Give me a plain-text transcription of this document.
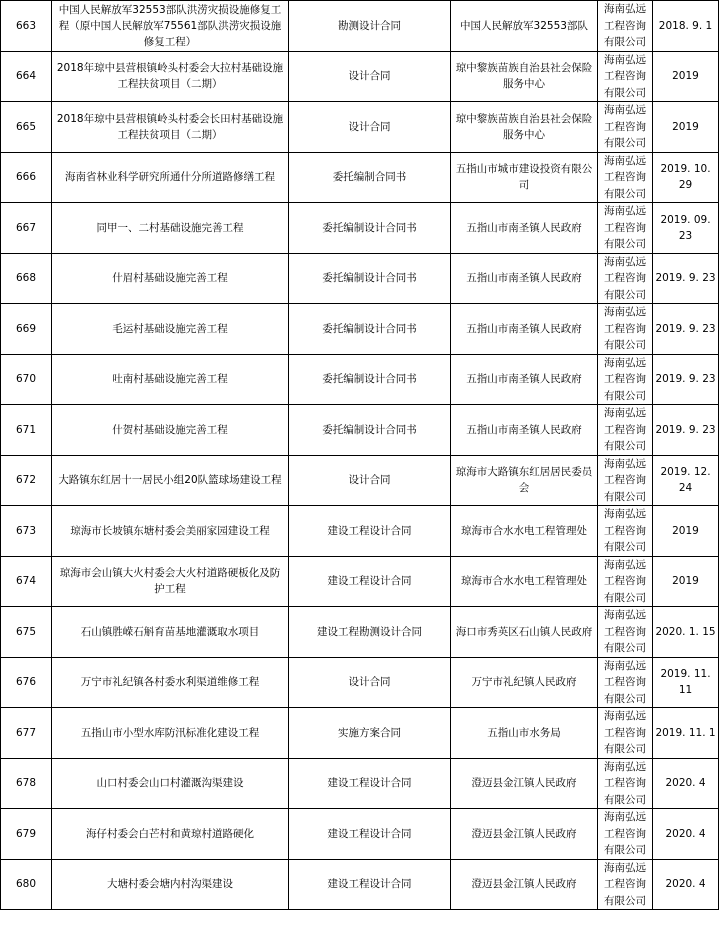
663	中国人民解放军32553部队洪涝灾损设施修复工程（原中国人民解放军75561部队洪涝灾损设施修复工程）	勘测设计合同	中国人民解放军32553部队	海南弘远工程咨询有限公司	2018. 9. 1
664	2018年琼中县营根镇岭头村委会大拉村基础设施工程扶贫项目（二期）	设计合同	琼中黎族苗族自治县社会保险服务中心	海南弘远工程咨询有限公司	2019
665	2018年琼中县营根镇岭头村委会长田村基础设施工程扶贫项目（二期）	设计合同	琼中黎族苗族自治县社会保险服务中心	海南弘远工程咨询有限公司	2019
666	海南省林业科学研究所通什分所道路修缮工程	委托编制合同书	五指山市城市建设投资有限公司	海南弘远工程咨询有限公司	2019. 10. 29
667	同甲一、二村基础设施完善工程	委托编制设计合同书	五指山市南圣镇人民政府	海南弘远工程咨询有限公司	2019. 09. 23
668	什眉村基础设施完善工程	委托编制设计合同书	五指山市南圣镇人民政府	海南弘远工程咨询有限公司	2019. 9. 23
669	毛运村基础设施完善工程	委托编制设计合同书	五指山市南圣镇人民政府	海南弘远工程咨询有限公司	2019. 9. 23
670	吐南村基础设施完善工程	委托编制设计合同书	五指山市南圣镇人民政府	海南弘远工程咨询有限公司	2019. 9. 23
671	什贺村基础设施完善工程	委托编制设计合同书	五指山市南圣镇人民政府	海南弘远工程咨询有限公司	2019. 9. 23
672	大路镇东红居十一居民小组20队篮球场建设工程	设计合同	琼海市大路镇东红居居民委员会	海南弘远工程咨询有限公司	2019. 12. 24
673	琼海市长坡镇东塘村委会美丽家园建设工程	建设工程设计合同	琼海市合水水电工程管理处	海南弘远工程咨询有限公司	2019
674	琼海市会山镇大火村委会大火村道路硬板化及防护工程	建设工程设计合同	琼海市合水水电工程管理处	海南弘远工程咨询有限公司	2019
675	石山镇胜嵘石斛育苗基地灌溉取水项目	建设工程勘测设计合同	海口市秀英区石山镇人民政府	海南弘远工程咨询有限公司	2020. 1. 15
676	万宁市礼纪镇各村委水利渠道维修工程	设计合同	万宁市礼纪镇人民政府	海南弘远工程咨询有限公司	2019. 11. 11
677	五指山市小型水库防汛标准化建设工程	实施方案合同	五指山市水务局	海南弘远工程咨询有限公司	2019. 11. 1
678	山口村委会山口村灌溉沟渠建设	建设工程设计合同	澄迈县金江镇人民政府	海南弘远工程咨询有限公司	2020. 4
679	海仔村委会白芒村和黄琼村道路硬化	建设工程设计合同	澄迈县金江镇人民政府	海南弘远工程咨询有限公司	2020. 4
680	大塘村委会塘内村沟渠建设	建设工程设计合同	澄迈县金江镇人民政府	海南弘远工程咨询有限公司	2020. 4
